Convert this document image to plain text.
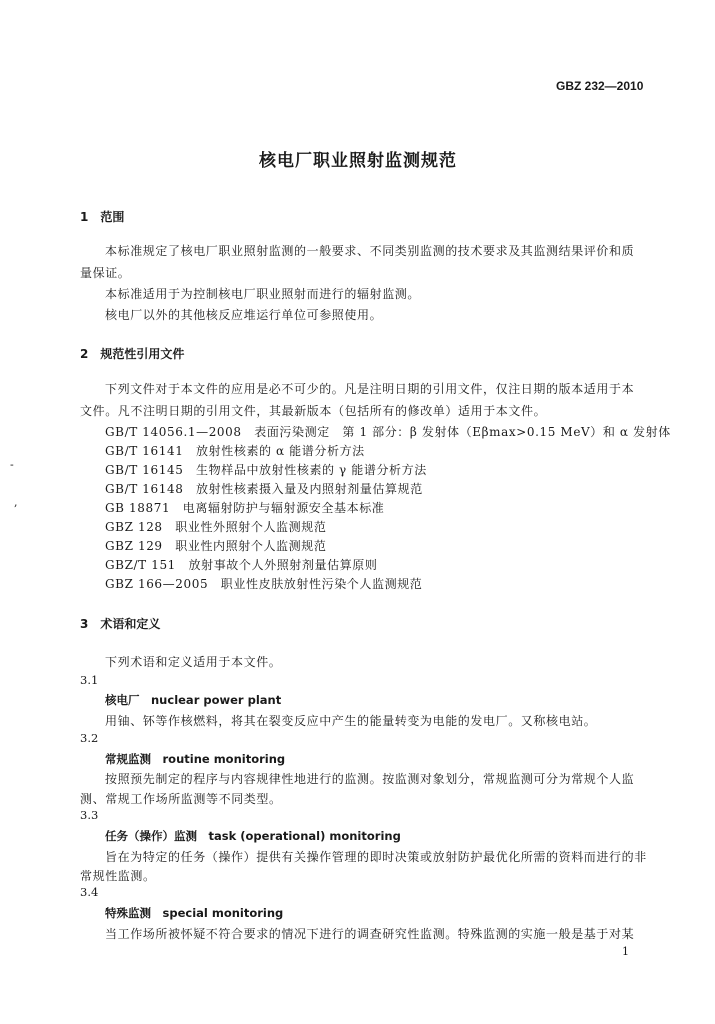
GBZ 232—2010
核电厂职业照射监测规范
1　范围
本标准规定了核电厂职业照射监测的一般要求、不同类别监测的技术要求及其监测结果评价和质
量保证。
本标准适用于为控制核电厂职业照射而进行的辐射监测。
核电厂以外的其他核反应堆运行单位可参照使用。
2　规范性引用文件
下列文件对于本文件的应用是必不可少的。凡是注明日期的引用文件，仅注日期的版本适用于本
文件。凡不注明日期的引用文件，其最新版本（包括所有的修改单）适用于本文件。
GB/T 14056.1—2008　表面污染测定　第 1 部分：β 发射体（Eβmax>0.15 MeV）和 α 发射体
GB/T 16141　放射性核素的 α 能谱分析方法
GB/T 16145　生物样品中放射性核素的 γ 能谱分析方法
GB/T 16148　放射性核素摄入量及内照射剂量估算规范
GB 18871　电离辐射防护与辐射源安全基本标准
GBZ 128　职业性外照射个人监测规范
GBZ 129　职业性内照射个人监测规范
GBZ/T 151　放射事故个人外照射剂量估算原则
GBZ 166—2005　职业性皮肤放射性污染个人监测规范
-
,
3　术语和定义
下列术语和定义适用于本文件。
3.1
核电厂　nuclear power plant
用铀、钚等作核燃料，将其在裂变反应中产生的能量转变为电能的发电厂。又称核电站。
3.2
常规监测　routine monitoring
按照预先制定的程序与内容规律性地进行的监测。按监测对象划分，常规监测可分为常规个人监
测、常规工作场所监测等不同类型。
3.3
任务（操作）监测　task (operational) monitoring
旨在为特定的任务（操作）提供有关操作管理的即时决策或放射防护最优化所需的资料而进行的非
常规性监测。
3.4
特殊监测　special monitoring
当工作场所被怀疑不符合要求的情况下进行的调查研究性监测。特殊监测的实施一般是基于对某
1
